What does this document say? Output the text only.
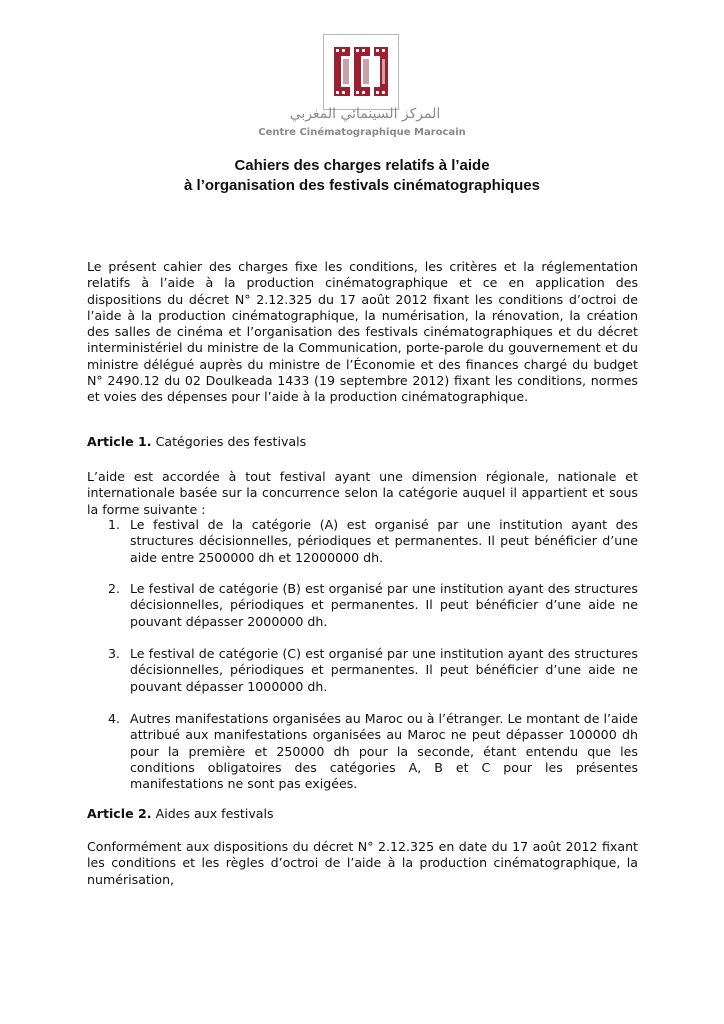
المركز السينمائي المغربي
Centre Cinématographique Marocain
Cahiers des charges relatifs à l’aide
à l’organisation des festivals cinématographiques

Le présent cahier des charges fixe les conditions, les critères et la réglementation relatifs à l’aide à la production cinématographique et ce en application des dispositions du décret N° 2.12.325 du 17 août 2012 fixant les conditions d’octroi de l’aide à la production cinématographique, la numérisation, la rénovation, la création des salles de cinéma et l’organisation des festivals cinématographiques et du décret interministériel du ministre de la Communication, porte-parole du gouvernement et du ministre délégué auprès du ministre de l’Économie et des finances chargé du budget N° 2490.12 du 02 Doulkeada 1433 (19 septembre 2012) fixant les conditions, normes et voies des dépenses pour l’aide à la production cinématographique.

Article 1. Catégories des festivals

L’aide est accordée à tout festival ayant une dimension régionale, nationale et internationale basée sur la concurrence selon la catégorie auquel il appartient et sous la forme suivante :

1. Le festival de la catégorie (A) est organisé par une institution ayant des structures décisionnelles, périodiques et permanentes. Il peut bénéficier d’une aide entre 2500000 dh et 12000000 dh.
2. Le festival de catégorie (B) est organisé par une institution ayant des structures décisionnelles, périodiques et permanentes. Il peut bénéficier d’une aide ne pouvant dépasser 2000000 dh.
3. Le festival de catégorie (C) est organisé par une institution ayant des structures décisionnelles, périodiques et permanentes. Il peut bénéficier d’une aide ne pouvant dépasser 1000000 dh.
4. Autres manifestations organisées au Maroc ou à l’étranger. Le montant de l’aide attribué aux manifestations organisées au Maroc ne peut dépasser 100000 dh pour la première et 250000 dh pour la seconde, étant entendu que les conditions obligatoires des catégories A, B et C pour les présentes manifestations ne sont pas exigées.

Article 2. Aides aux festivals

Conformément aux dispositions du décret N° 2.12.325 en date du 17 août 2012 fixant les conditions et les règles d’octroi de l’aide à la production cinématographique, la numérisation,
